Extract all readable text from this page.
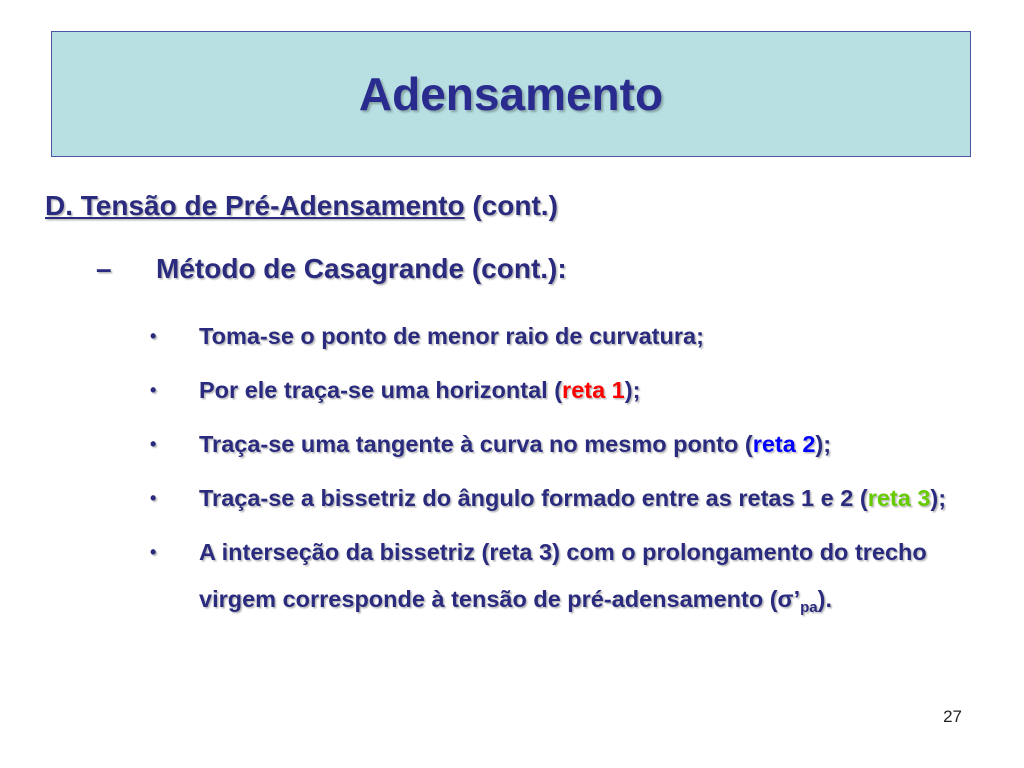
Adensamento
D. Tensão de Pré-Adensamento (cont.)
– Método de Casagrande (cont.):
• Toma-se o ponto de menor raio de curvatura;
• Por ele traça-se uma horizontal (reta 1);
• Traça-se uma tangente à curva no mesmo ponto (reta 2);
• Traça-se a bissetriz do ângulo formado entre as retas 1 e 2 (reta 3);
• A interseção da bissetriz (reta 3) com o prolongamento do trecho virgem corresponde à tensão de pré-adensamento $(\sigma’_{pa})$.
27
